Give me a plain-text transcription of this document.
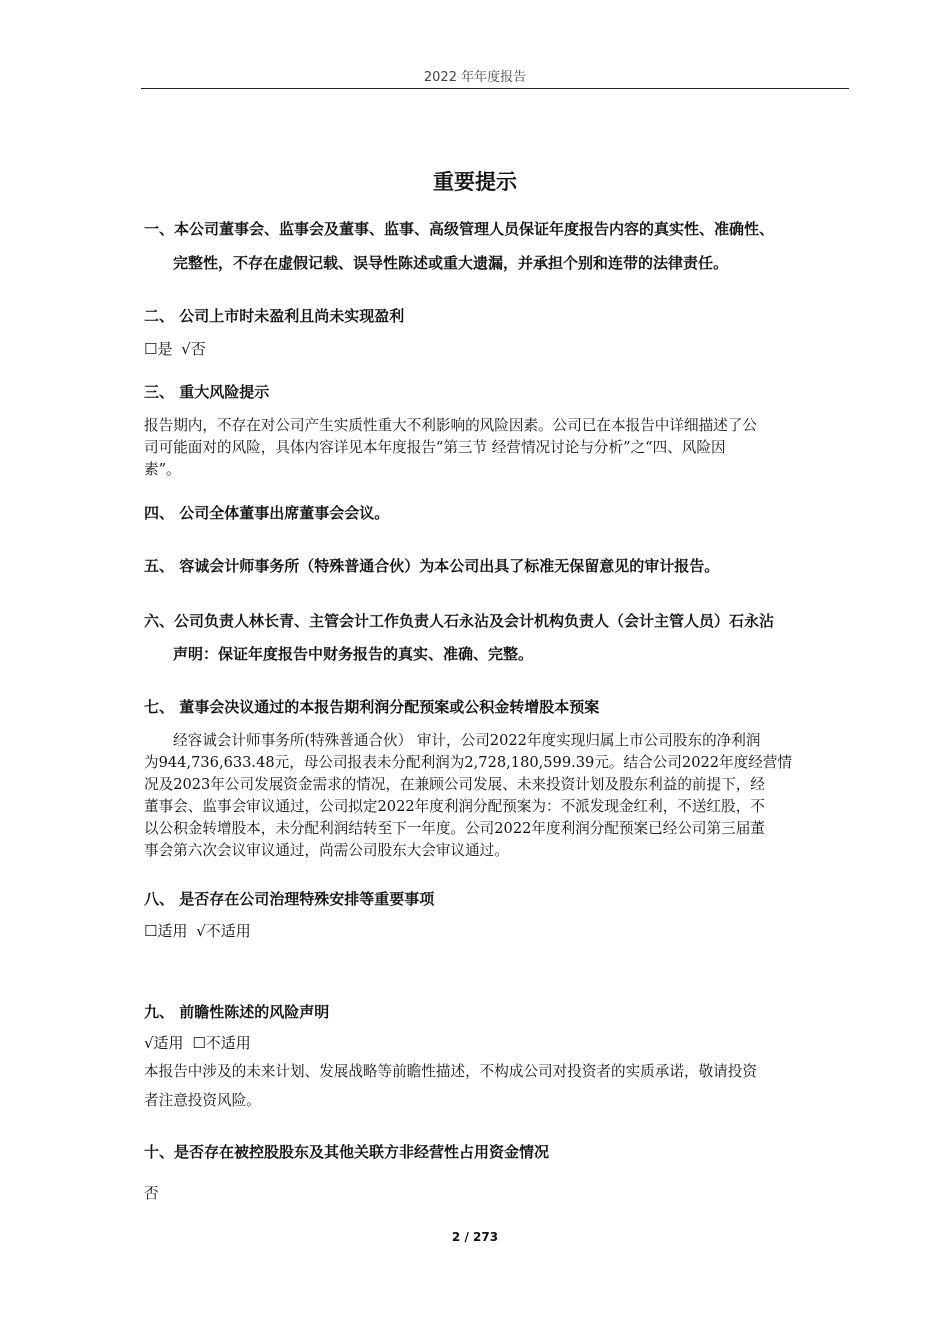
2022 年年度报告
重要提示
一、本公司董事会、监事会及董事、监事、高级管理人员保证年度报告内容的真实性、准确性、
完整性，不存在虚假记载、误导性陈述或重大遗漏，并承担个别和连带的法律责任。
二、 公司上市时未盈利且尚未实现盈利
☐是 √否
三、 重大风险提示
报告期内，不存在对公司产生实质性重大不利影响的风险因素。公司已在本报告中详细描述了公
司可能面对的风险，具体内容详见本年度报告“第三节 经营情况讨论与分析”之“四、风险因
素”。
四、 公司全体董事出席董事会会议。
五、 容诚会计师事务所（特殊普通合伙）为本公司出具了标准无保留意见的审计报告。
六、公司负责人林长青、主管会计工作负责人石永沾及会计机构负责人（会计主管人员）石永沾
声明：保证年度报告中财务报告的真实、准确、完整。
七、 董事会决议通过的本报告期利润分配预案或公积金转增股本预案
经容诚会计师事务所(特殊普通合伙） 审计，公司2022年度实现归属上市公司股东的净利润
为944,736,633.48元，母公司报表未分配利润为2,728,180,599.39元。结合公司2022年度经营情
况及2023年公司发展资金需求的情况，在兼顾公司发展、未来投资计划及股东利益的前提下，经
董事会、监事会审议通过，公司拟定2022年度利润分配预案为：不派发现金红利，不送红股，不
以公积金转增股本，未分配利润结转至下一年度。公司2022年度利润分配预案已经公司第三届董
事会第六次会议审议通过，尚需公司股东大会审议通过。
八、 是否存在公司治理特殊安排等重要事项
☐适用 √不适用
九、 前瞻性陈述的风险声明
√适用 ☐不适用
本报告中涉及的未来计划、发展战略等前瞻性描述，不构成公司对投资者的实质承诺，敬请投资
者注意投资风险。
十、是否存在被控股股东及其他关联方非经营性占用资金情况
否
2 / 273
